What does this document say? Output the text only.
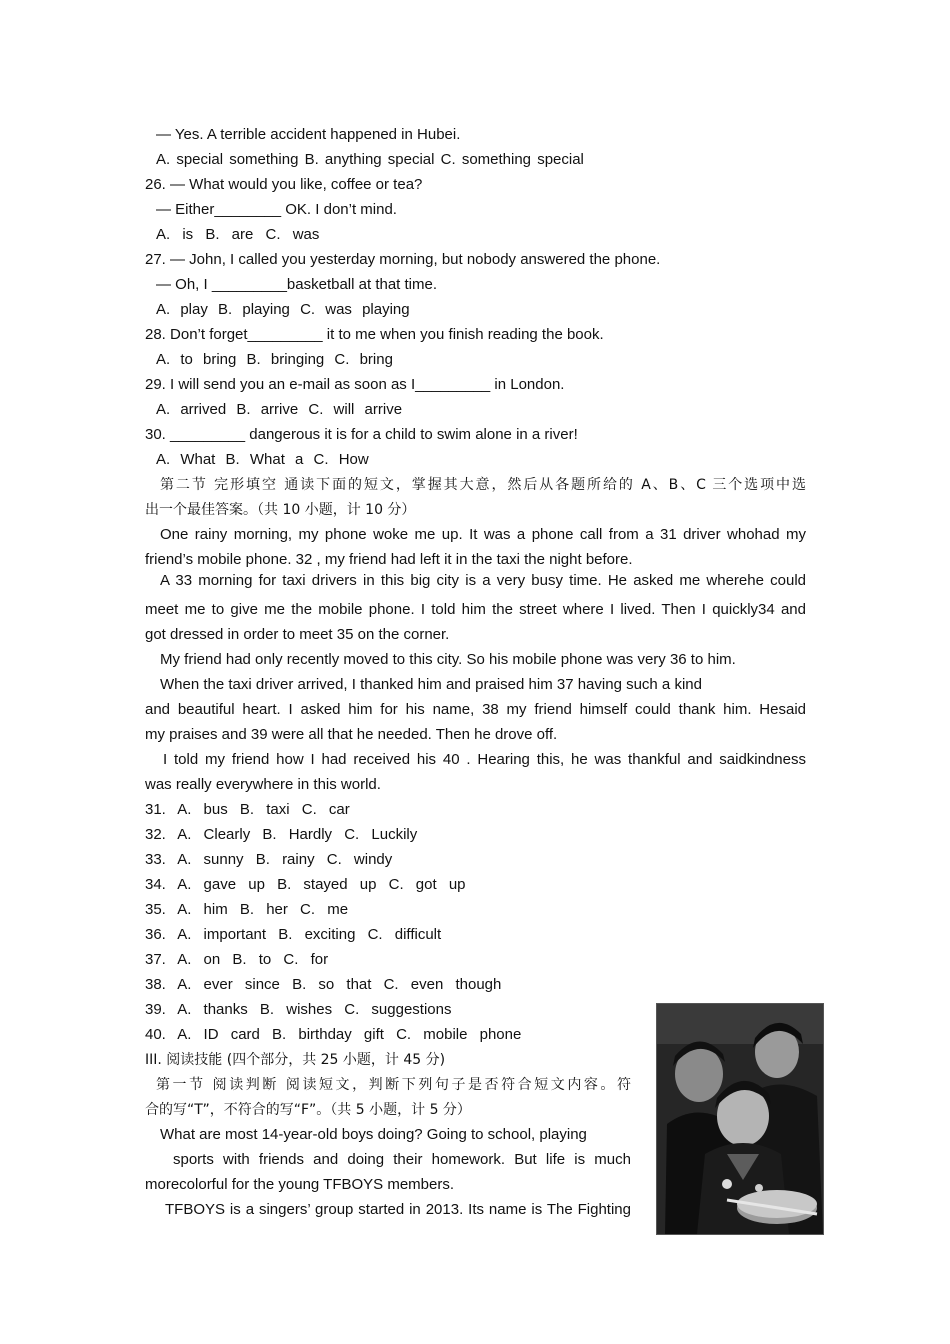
— Yes. A terrible accident happened in Hubei.
A. special something B. anything special C. something special
26. — What would you like, coffee or tea?
— Either________ OK. I don’t mind.
A. is B. are C. was
27. — John, I called you yesterday morning, but nobody answered the phone.
— Oh, I _________basketball at that time.
A. play B. playing C. was playing
28. Don’t forget_________ it to me when you finish reading the book.
A. to bring B. bringing C. bring
29. I will send you an e-mail as soon as I_________ in London.
A. arrived B. arrive C. will arrive
30. _________ dangerous it is for a child to swim alone in a river!
A. What B. What a C. How
第二节 完形填空 通读下面的短文，掌握其大意，然后从各题所给的 A、B、C 三个选项中选
出一个最佳答案。（共 10 小题，计 10 分）
One rainy morning, my phone woke me up. It was a phone call from a 31 driver whohad my
friend’s mobile phone. 32 , my friend had left it in the taxi the night before.
A 33 morning for taxi drivers in this big city is a very busy time. He asked me wherehe could
meet me to give me the mobile phone. I told him the street where I lived. Then I quickly34 and
got dressed in order to meet 35 on the corner.
My friend had only recently moved to this city. So his mobile phone was very 36 to him.
When the taxi driver arrived, I thanked him and praised him 37 having such a kind
and beautiful heart. I asked him for his name, 38 my friend himself could thank him. Hesaid
my praises and 39 were all that he needed. Then he drove off.
I told my friend how I had received his 40 . Hearing this, he was thankful and saidkindness
was really everywhere in this world.
31. A. bus B. taxi C. car
32. A. Clearly B. Hardly C. Luckily
33. A. sunny B. rainy C. windy
34. A. gave up B. stayed up C. got up
35. A. him B. her C. me
36. A. important B. exciting C. difficult
37. A. on B. to C. for
38. A. ever since B. so that C. even though
39. A. thanks B. wishes C. suggestions
40. A. ID card B. birthday gift C. mobile phone
III. 阅读技能 (四个部分，共 25 小题，计 45 分)
第一节 阅读判断 阅读短文，判断下列句子是否符合短文内容。符
合的写“T”，不符合的写“F”。（共 5 小题，计 5 分）
What are most 14-year-old boys doing? Going to school, playing
sports with friends and doing their homework. But life is much
morecolorful for the young TFBOYS members.
TFBOYS is a singers’ group started in 2013. Its name is The Fighting
